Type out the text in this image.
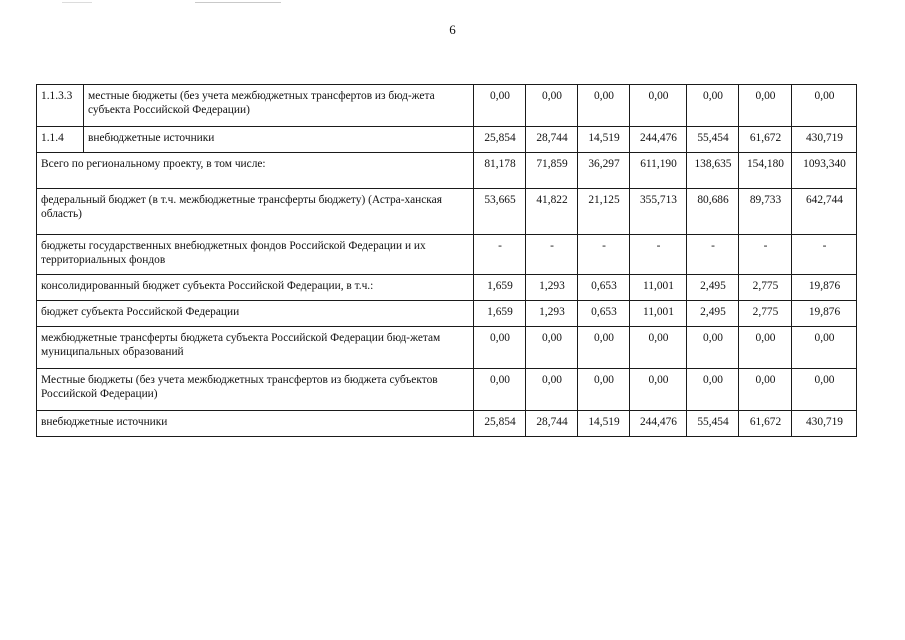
6
1.1.3.3	местные бюджеты (без учета межбюджетных трансфертов из бюд-жета субъекта Российской Федерации)	0,00	0,00	0,00	0,00	0,00	0,00	0,00
1.1.4	внебюджетные источники	25,854	28,744	14,519	244,476	55,454	61,672	430,719
Всего по региональному проекту, в том числе:		81,178	71,859	36,297	611,190	138,635	154,180	1093,340
федеральный бюджет (в т.ч. межбюджетные трансферты бюджету) (Астра-ханская область)		53,665	41,822	21,125	355,713	80,686	89,733	642,744
бюджеты государственных внебюджетных фондов Российской Федерации и их территориальных фондов		-	-	-	-	-	-	-
консолидированный бюджет субъекта Российской Федерации, в т.ч.:		1,659	1,293	0,653	11,001	2,495	2,775	19,876
бюджет субъекта Российской Федерации		1,659	1,293	0,653	11,001	2,495	2,775	19,876
межбюджетные трансферты бюджета субъекта Российской Федерации бюд-жетам муниципальных образований		0,00	0,00	0,00	0,00	0,00	0,00	0,00
Местные бюджеты (без учета межбюджетных трансфертов из бюджета субъектов Российской Федерации)		0,00	0,00	0,00	0,00	0,00	0,00	0,00
внебюджетные источники		25,854	28,744	14,519	244,476	55,454	61,672	430,719
